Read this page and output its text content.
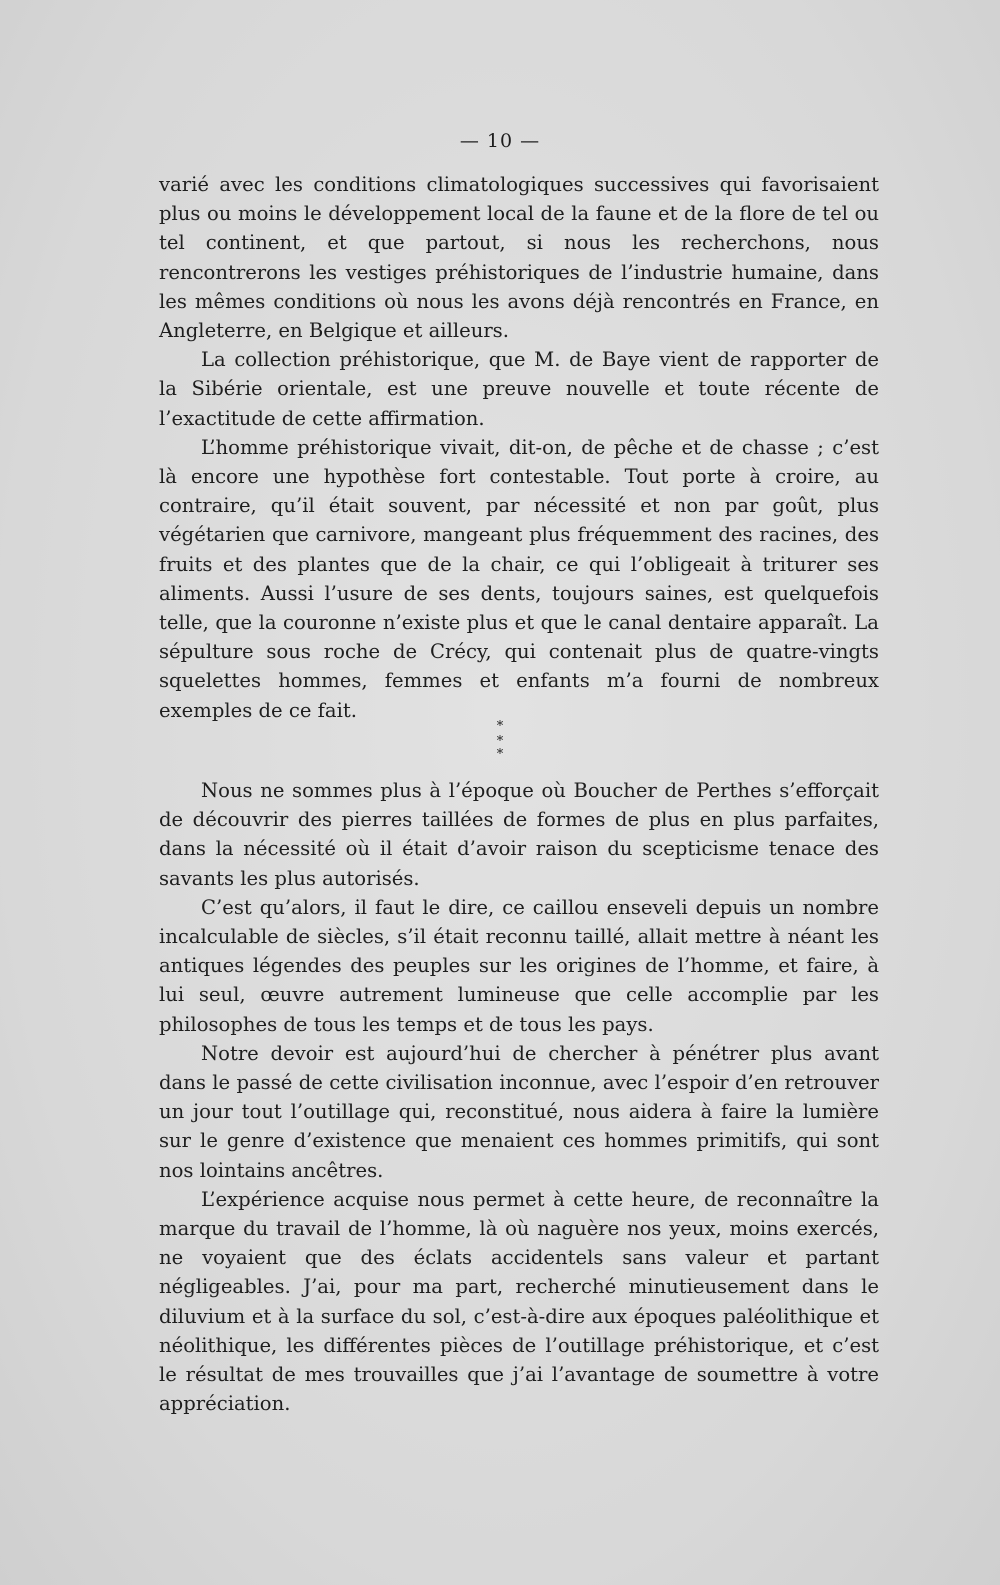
— 10 —

varié avec les conditions climatologiques successives qui favorisaient plus ou moins le développement local de la faune et de la flore de tel ou tel continent, et que partout, si nous les recherchons, nous rencontrerons les vestiges préhistoriques de l’industrie humaine, dans les mêmes conditions où nous les avons déjà rencontrés en France, en Angleterre, en Belgique et ailleurs.

La collection préhistorique, que M. de Baye vient de rapporter de la Sibérie orientale, est une preuve nouvelle et toute récente de l’exactitude de cette affirmation.

L’homme préhistorique vivait, dit-on, de pêche et de chasse ; c’est là encore une hypothèse fort contestable. Tout porte à croire, au contraire, qu’il était souvent, par nécessité et non par goût, plus végétarien que carnivore, mangeant plus fréquemment des racines, des fruits et des plantes que de la chair, ce qui l’obligeait à triturer ses aliments. Aussi l’usure de ses dents, toujours saines, est quelquefois telle, que la couronne n’existe plus et que le canal dentaire apparaît. La sépulture sous roche de Crécy, qui contenait plus de quatre-vingts squelettes hommes, femmes et enfants m’a fourni de nombreux exemples de ce fait.

*
* *

Nous ne sommes plus à l’époque où Boucher de Perthes s’efforçait de découvrir des pierres taillées de formes de plus en plus parfaites, dans la nécessité où il était d’avoir raison du scepticisme tenace des savants les plus autorisés.

C’est qu’alors, il faut le dire, ce caillou enseveli depuis un nombre incalculable de siècles, s’il était reconnu taillé, allait mettre à néant les antiques légendes des peuples sur les origines de l’homme, et faire, à lui seul, œuvre autrement lumineuse que celle accomplie par les philosophes de tous les temps et de tous les pays.

Notre devoir est aujourd’hui de chercher à pénétrer plus avant dans le passé de cette civilisation inconnue, avec l’espoir d’en retrouver un jour tout l’outillage qui, reconstitué, nous aidera à faire la lumière sur le genre d’existence que menaient ces hommes primitifs, qui sont nos lointains ancêtres.

L’expérience acquise nous permet à cette heure, de reconnaître la marque du travail de l’homme, là où naguère nos yeux, moins exercés, ne voyaient que des éclats accidentels sans valeur et partant négligeables. J’ai, pour ma part, recherché minutieusement dans le diluvium et à la surface du sol, c’est-à-dire aux époques paléolithique et néolithique, les différentes pièces de l’outillage préhistorique, et c’est le résultat de mes trouvailles que j’ai l’avantage de soumettre à votre appréciation.
